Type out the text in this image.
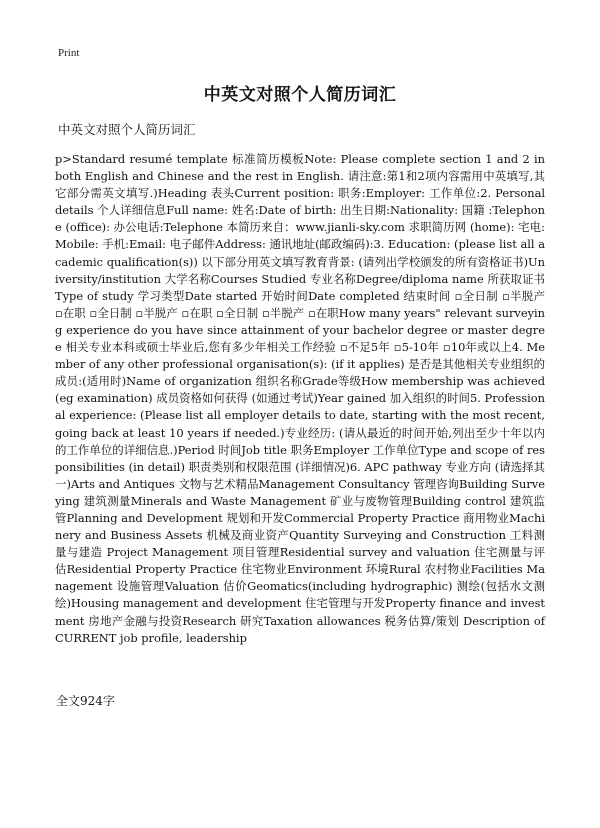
Print
中英文对照个人简历词汇
中英文对照个人简历词汇
p>Standard resumé template 标准简历模板Note: Please complete section 1 and 2 in both English and Chinese and the rest in English. 请注意:第1和2项内容需用中英填写,其它部分需英文填写.)Heading 表头Current position: 职务:Employer: 工作单位:2. Personal details 个人详细信息Full name: 姓名:Date of birth: 出生日期:Nationality: 国籍 :Telephone (office): 办公电话:Telephone 本简历来自：www.jianli-sky.com 求职简历网 (home): 宅电:Mobile: 手机:Email: 电子邮件Address: 通讯地址(邮政编码):3. Education: (please list all academic qualification(s)) 以下部分用英文填写教育背景: (请列出学校颁发的所有资格证书)University/institution 大学名称Courses Studied 专业名称Degree/diploma name 所获取证书Type of study 学习类型Date started 开始时间Date completed 结束时间 ▫全日制 ▫半脱产 ▫在职 ▫全日制 ▫半脱产 ▫在职 ▫全日制 ▫半脱产 ▫在职How many years" relevant surveying experience do you have since attainment of your bachelor degree or master degree 相关专业本科或硕士毕业后,您有多少年相关工作经验 ▫不足5年 ▫5-10年 ▫10年或以上4. Member of any other professional organisation(s): (if it applies) 是否是其他相关专业组织的成员:(适用时)Name of organization 组织名称Grade等级How membership was achieved (eg examination) 成员资格如何获得 (如通过考试)Year gained 加入组织的时间5. Professional experience: (Please list all employer details to date, starting with the most recent, going back at least 10 years if needed.)专业经历: (请从最近的时间开始,列出至少十年以内的工作单位的详细信息.)Period 时间Job title 职务Employer 工作单位Type and scope of responsibilities (in detail) 职责类别和权限范围 (详细情况)6. APC pathway 专业方向 (请选择其一)Arts and Antiques 文物与艺术精品Management Consultancy 管理咨询Building Surveying 建筑测量Minerals and Waste Management 矿业与废物管理Building control 建筑监管Planning and Development 规划和开发Commercial Property Practice 商用物业Machinery and Business Assets 机械及商业资产Quantity Surveying and Construction 工料测量与建造 Project Management 项目管理Residential survey and valuation 住宅测量与评估Residential Property Practice 住宅物业Environment 环境Rural 农村物业Facilities Management 设施管理Valuation 估价Geomatics(including hydrographic) 测绘(包括水文测绘)Housing management and development 住宅管理与开发Property finance and investment 房地产金融与投资Research 研究Taxation allowances 税务估算/策划 Description of CURRENT job profile, leadership
全文924字
